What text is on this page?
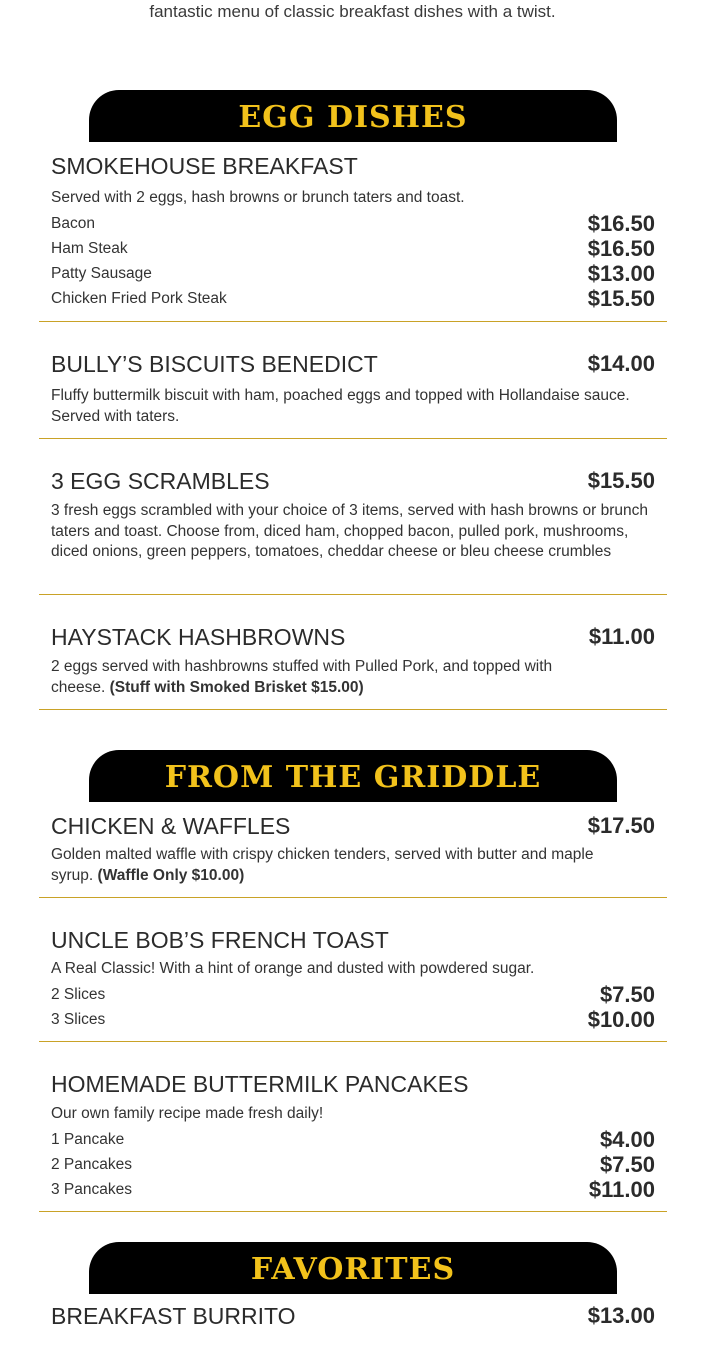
fantastic menu of classic breakfast dishes with a twist.
EGG DISHES
SMOKEHOUSE BREAKFAST
Served with 2 eggs, hash browns or brunch taters and toast.
Bacon	$16.50
Ham Steak	$16.50
Patty Sausage	$13.00
Chicken Fried Pork Steak	$15.50
BULLY’S BISCUITS BENEDICT	$14.00
Fluffy buttermilk biscuit with ham, poached eggs and topped with Hollandaise sauce. Served with taters.
3 EGG SCRAMBLES	$15.50
3 fresh eggs scrambled with your choice of 3 items, served with hash browns or brunch taters and toast. Choose from, diced ham, chopped bacon, pulled pork, mushrooms, diced onions, green peppers, tomatoes, cheddar cheese or bleu cheese crumbles
HAYSTACK HASHBROWNS	$11.00
2 eggs served with hashbrowns stuffed with Pulled Pork, and topped with cheese. (Stuff with Smoked Brisket $15.00)
FROM THE GRIDDLE
CHICKEN & WAFFLES	$17.50
Golden malted waffle with crispy chicken tenders, served with butter and maple syrup. (Waffle Only $10.00)
UNCLE BOB’S FRENCH TOAST
A Real Classic! With a hint of orange and dusted with powdered sugar.
2 Slices	$7.50
3 Slices	$10.00
HOMEMADE BUTTERMILK PANCAKES
Our own family recipe made fresh daily!
1 Pancake	$4.00
2 Pancakes	$7.50
3 Pancakes	$11.00
FAVORITES
BREAKFAST BURRITO	$13.00
